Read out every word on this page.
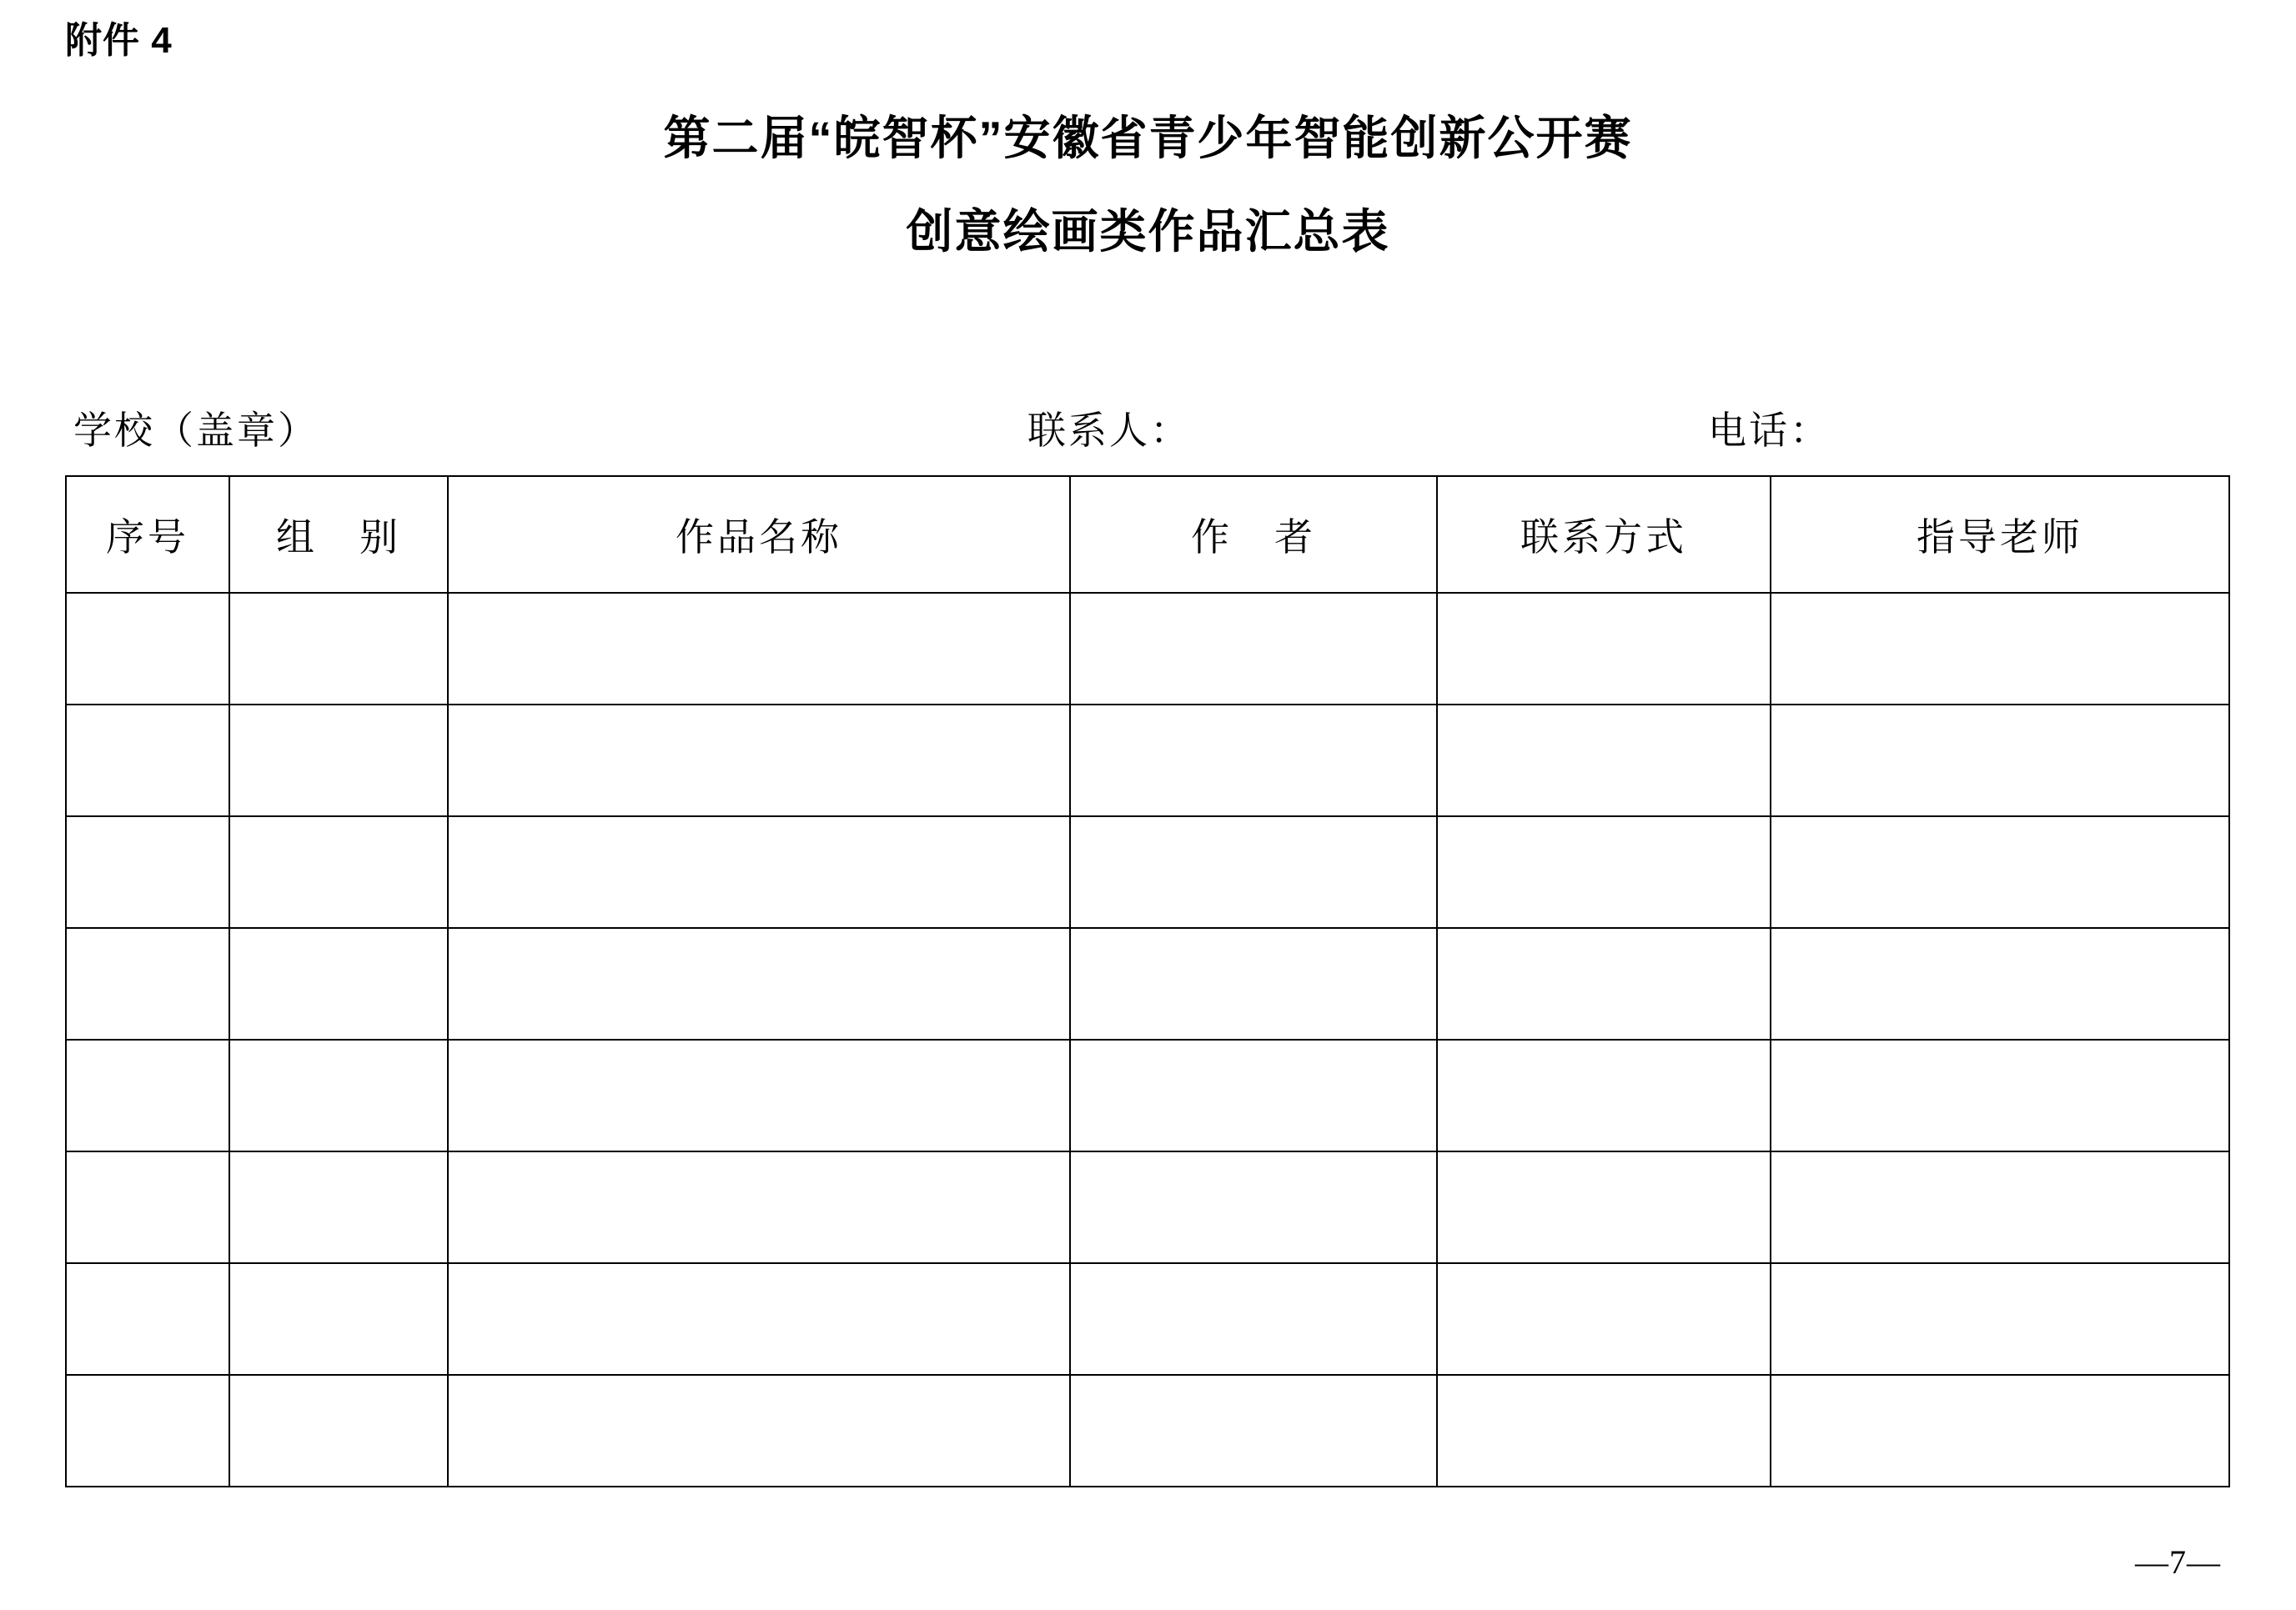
附件 4
第二届“皖智杯”安徽省青少年智能创新公开赛
创意绘画类作品汇总表
学校（盖章）	联系人：	电话：
序号	组　别	作品名称	作　者	联系方式	指导老师

—7—
